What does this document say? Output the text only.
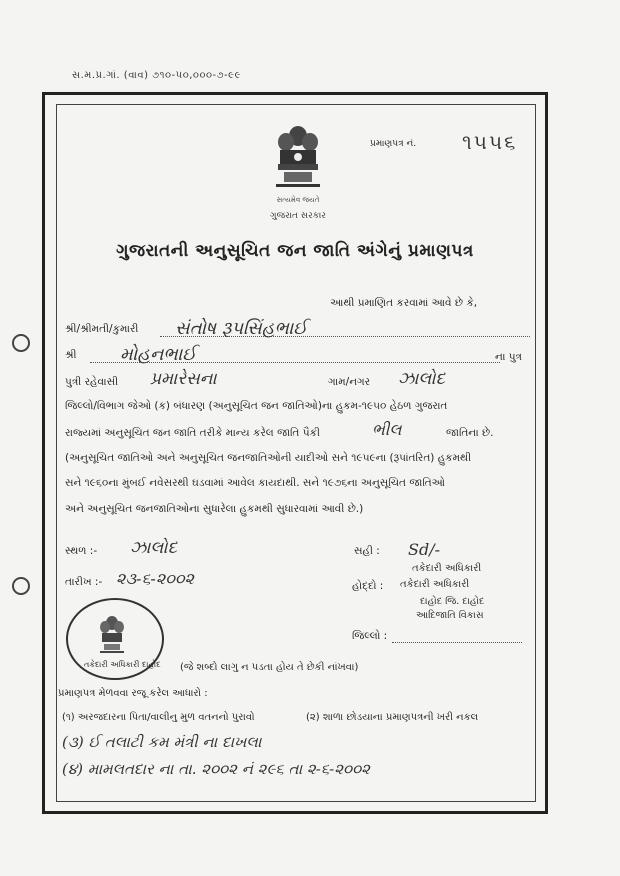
સ.મ.પ્ર.ગાં. (વાવ) ૭૧૦-૫૦,૦૦૦-૭-૯૯
સત્યમેવ જયતે
ગુજરાત સરકાર
પ્રમાણપત્ર નં. ૧૫૫૬
ગુજરાતની અનુસૂચિત જન જાતિ અંગેનું પ્રમાણપત્ર
આથી પ્રમાણિત કરવામાં આવે છે કે,
શ્રી/શ્રીમતી/કુમારી સંતોષ રૂપસિંહભાઈ
શ્રી મોહનભાઈ	ના પુત્ર
પુત્રી રહેવાસી પ્રમારેસના	ગામ/નગર ઝાલોદ
જિલ્લો/વિભાગ જેઓ (ક) બંધારણ (અનુસૂચિત જન જાતિઓ)ના હુકમ-૧૯૫૦ હેઠળ ગુજરાત
રાજ્યમાં અનુસૂચિત જન જાતિ તરીકે માન્ય કરેલ જાતિ પૈકી	ભીલ	જાતિના છે.
(અનુસૂચિત જાતિઓ અને અનુસૂચિત જનજાતિઓની યાદીઓ સને ૧૯૫૯ના (રૂપાંતરિત) હુકમથી
સને ૧૯૬૦ના મુંબઈ નવેસરથી ઘડવામાં આવેલ કાયદાથી. સને ૧૯૭૬ના અનુસૂચિત જાતિઓ
અને અનુસૂચિત જનજાતિઓના સુધારેલા હુકમથી સુધારવામાં આવી છે.)
સ્થળ :- ઝાલોદ
તારીખ :- ૨૩-૬-૨૦૦૨
સહી : Sd/-
તકેદારી અધિકારી
હોદ્દો : તકેદારી અધિકારી
દાહોદ જિ. દાહોદ
આદિજાતિ વિકાસ
જિલ્લો :
તકેદારી અધિકારી દાહોદ (જે શબ્દો લાગુ ન પડતા હોય તે છેકી નાંખવા)
પ્રમાણપત્ર મેળવવા રજૂ કરેલ આધારો :
(૧) અરજદારના પિતા/વાલીનુ મુળ વતનનો પુરાવો	(૨) શાળા છોડયાના પ્રમાણપત્રની ખરી નકલ
(૩) ઈ તલાટી કમ મંત્રી ના દાખલા
(૪) મામલતદાર ના તા. ૨૦૦૨ નં ૨૯૬ તા ૨-૬-૨૦૦૨
